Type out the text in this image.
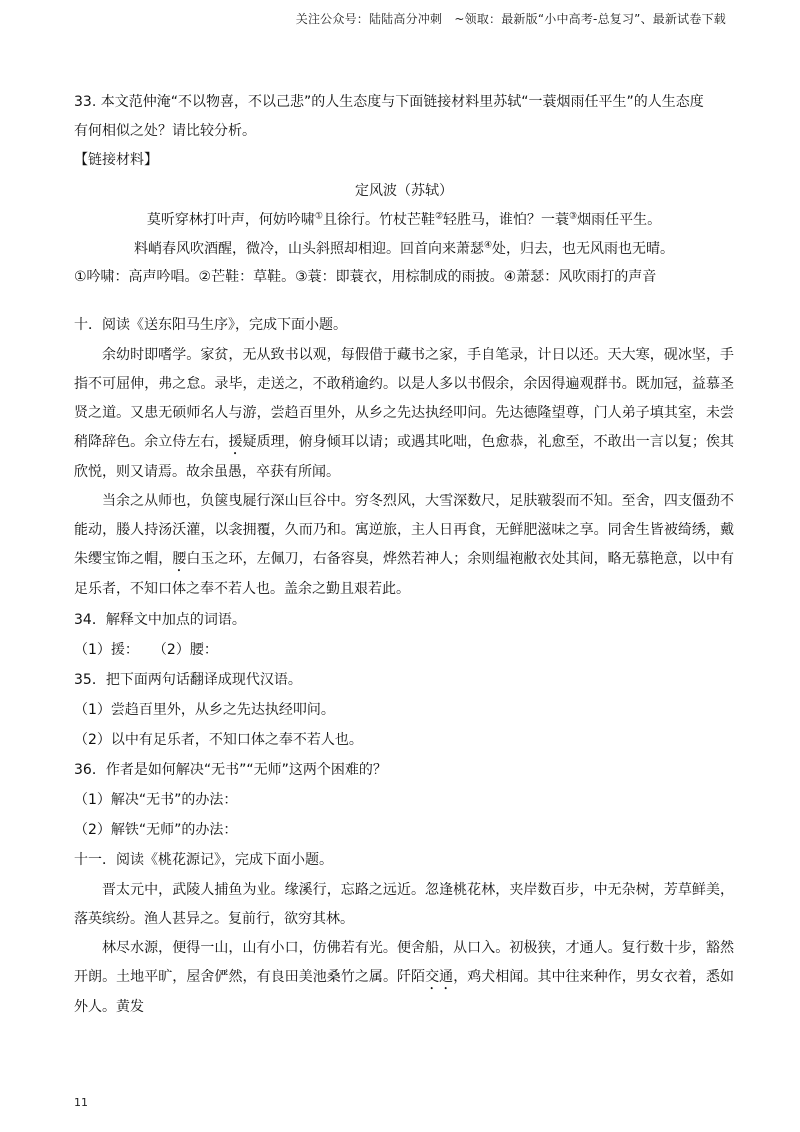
关注公众号：陆陆高分冲刺　~领取：最新版“小中高考-总复习”、最新试卷下载
33. 本文范仲淹“不以物喜，不以己悲”的人生态度与下面链接材料里苏轼“一蓑烟雨任平生”的人生态度
有何相似之处？请比较分析。
【链接材料】
定风波（苏轼）
莫听穿林打叶声，何妨吟啸①且徐行。竹杖芒鞋②轻胜马，谁怕？一蓑③烟雨任平生。
料峭春风吹酒醒，微冷，山头斜照却相迎。回首向来萧瑟④处，归去，也无风雨也无晴。
①吟啸：高声吟唱。②芒鞋：草鞋。③蓑：即蓑衣，用棕制成的雨披。④萧瑟：风吹雨打的声音
十．阅读《送东阳马生序》，完成下面小题。

余幼时即嗜学。家贫，无从致书以观，每假借于藏书之家，手自笔录，计日以还。天大寒，砚冰坚，手指不可屈伸，弗之怠。录毕，走送之，不敢稍逾约。以是人多以书假余，余因得遍观群书。既加冠，益慕圣贤之道。又患无硕师名人与游，尝趋百里外，从乡之先达执经叩问。先达德隆望尊，门人弟子填其室，未尝稍降辞色。余立侍左右，援疑质理，俯身倾耳以请；或遇其叱咄，色愈恭，礼愈至，不敢出一言以复；俟其欣悦，则又请焉。故余虽愚，卒获有所闻。

当余之从师也，负箧曳屣行深山巨谷中。穷冬烈风，大雪深数尺，足肤皲裂而不知。至舍，四支僵劲不能动，媵人持汤沃灌，以衾拥覆，久而乃和。寓逆旅，主人日再食，无鲜肥滋味之享。同舍生皆被绮绣，戴朱缨宝饰之帽，腰白玉之环，左佩刀，右备容臭，烨然若神人；余则缊袍敝衣处其间，略无慕艳意，以中有足乐者，不知口体之奉不若人也。盖余之勤且艰若此。

34．解释文中加点的词语。
（1）援：　　（2）腰：
35．把下面两句话翻译成现代汉语。
（1）尝趋百里外，从乡之先达执经叩问。
（2）以中有足乐者，不知口体之奉不若人也。
36．作者是如何解决“无书”“无师”这两个困难的？
（1）解决“无书”的办法：
（2）解铁“无师”的办法：
十一．阅读《桃花源记》，完成下面小题。

晋太元中，武陵人捕鱼为业。缘溪行，忘路之远近。忽逢桃花林，夹岸数百步，中无杂树，芳草鲜美，落英缤纷。渔人甚异之。复前行，欲穷其林。

林尽水源，便得一山，山有小口，仿佛若有光。便舍船，从口入。初极狭，才通人。复行数十步，豁然开朗。土地平旷，屋舍俨然，有良田美池桑竹之属。阡陌交通，鸡犬相闻。其中往来种作，男女衣着，悉如外人。黄发

11
